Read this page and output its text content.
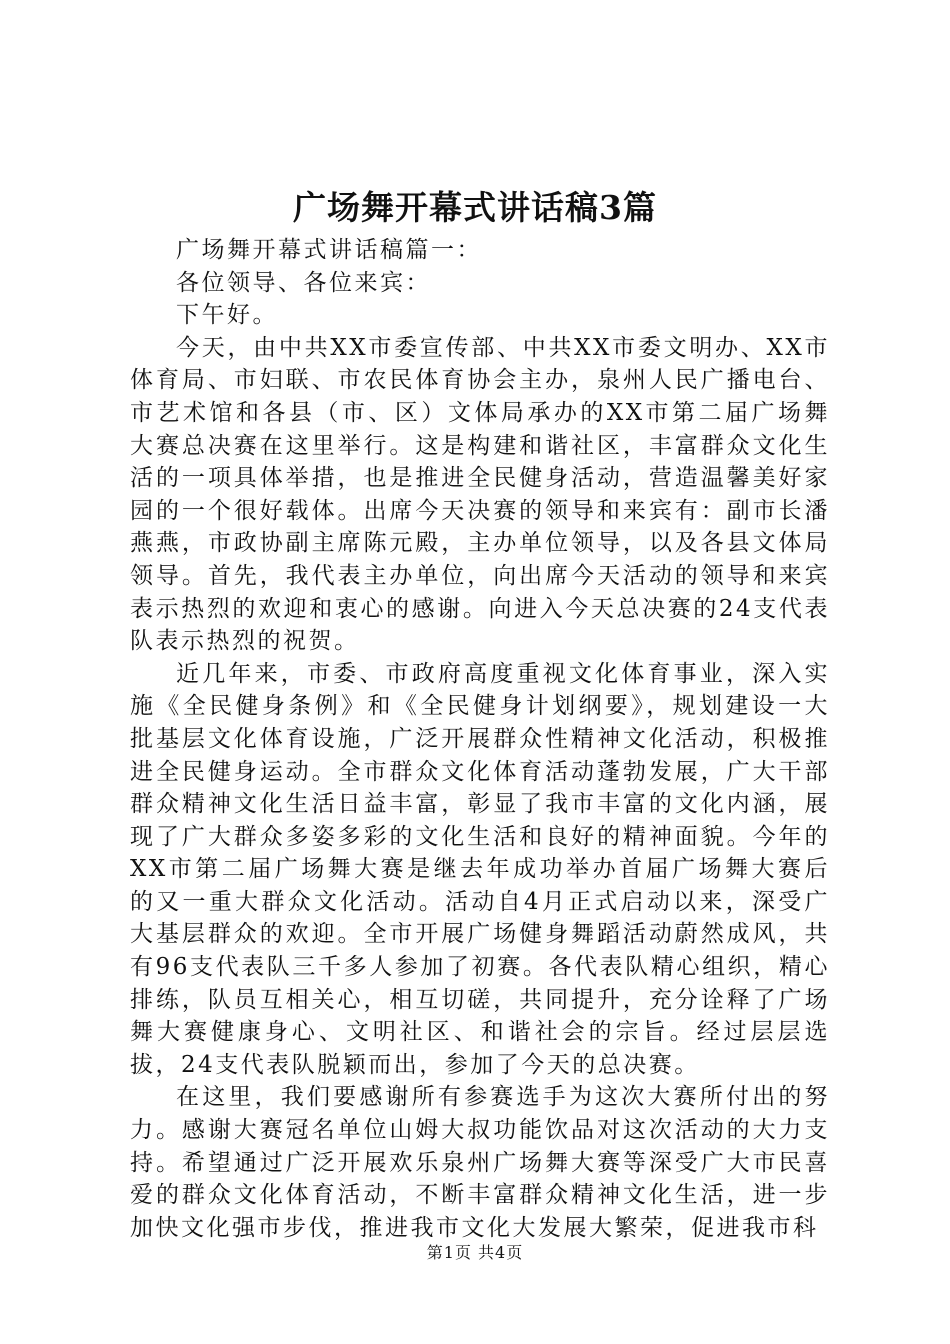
广场舞开幕式讲话稿3篇

广场舞开幕式讲话稿篇一：

各位领导、各位来宾：

下午好。

今天，由中共XX市委宣传部、中共XX市委文明办、XX市体育局、市妇联、市农民体育协会主办，泉州人民广播电台、市艺术馆和各县（市、区）文体局承办的XX市第二届广场舞大赛总决赛在这里举行。这是构建和谐社区，丰富群众文化生活的一项具体举措，也是推进全民健身活动，营造温馨美好家园的一个很好载体。出席今天决赛的领导和来宾有：副市长潘燕燕，市政协副主席陈元殿，主办单位领导，以及各县文体局领导。首先，我代表主办单位，向出席今天活动的领导和来宾表示热烈的欢迎和衷心的感谢。向进入今天总决赛的24支代表队表示热烈的祝贺。

近几年来，市委、市政府高度重视文化体育事业，深入实施《全民健身条例》和《全民健身计划纲要》，规划建设一大批基层文化体育设施，广泛开展群众性精神文化活动，积极推进全民健身运动。全市群众文化体育活动蓬勃发展，广大干部群众精神文化生活日益丰富，彰显了我市丰富的文化内涵，展现了广大群众多姿多彩的文化生活和良好的精神面貌。今年的XX市第二届广场舞大赛是继去年成功举办首届广场舞大赛后的又一重大群众文化活动。活动自4月正式启动以来，深受广大基层群众的欢迎。全市开展广场健身舞蹈活动蔚然成风，共有96支代表队三千多人参加了初赛。各代表队精心组织，精心排练，队员互相关心，相互切磋，共同提升，充分诠释了广场舞大赛健康身心、文明社区、和谐社会的宗旨。经过层层选拔，24支代表队脱颖而出，参加了今天的总决赛。

在这里，我们要感谢所有参赛选手为这次大赛所付出的努力。感谢大赛冠名单位山姆大叔功能饮品对这次活动的大力支持。希望通过广泛开展欢乐泉州广场舞大赛等深受广大市民喜爱的群众文化体育活动，不断丰富群众精神文化生活，进一步加快文化强市步伐，推进我市文化大发展大繁荣，促进我市科

第1页 共4页
